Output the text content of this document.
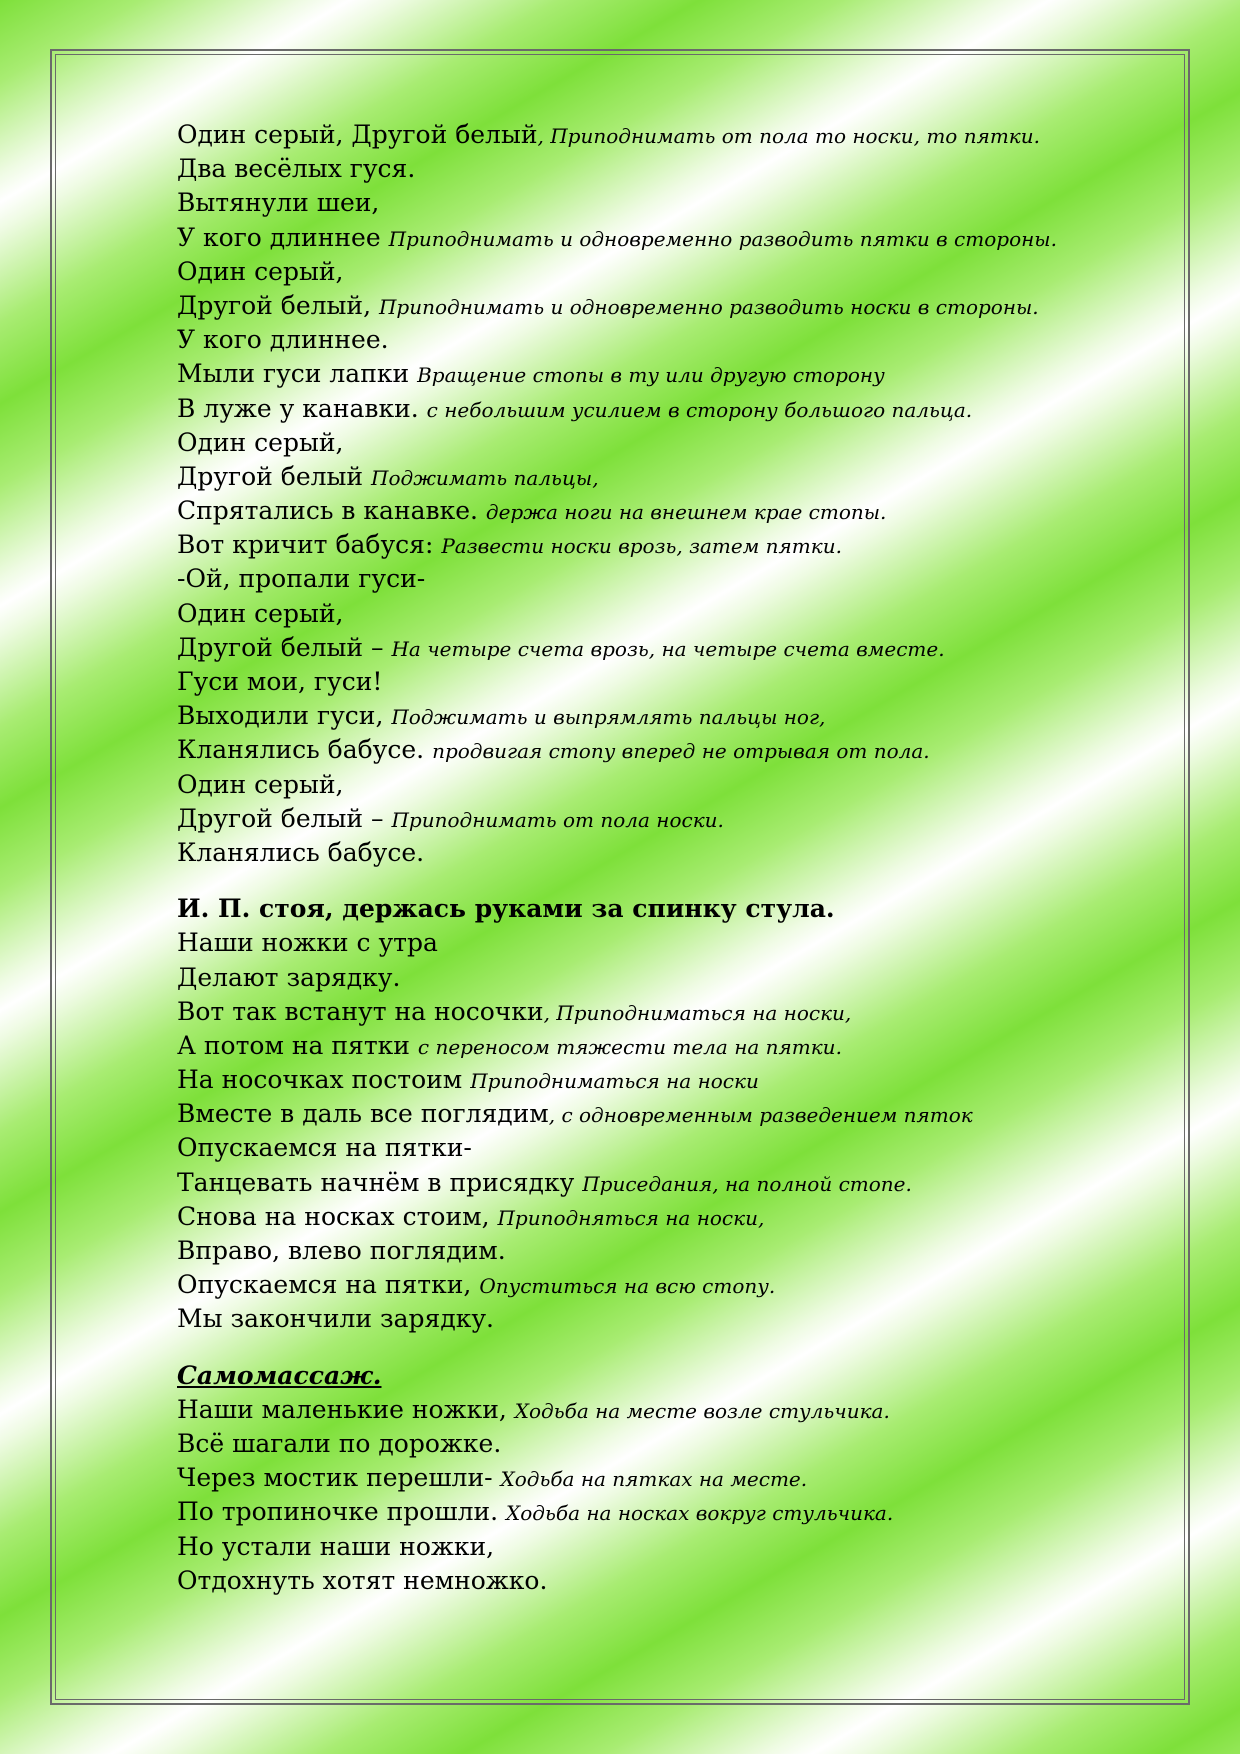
Один серый, Другой белый, Приподнимать от пола то носки, то пятки.
Два весёлых гуся.
Вытянули шеи,
У кого длиннее Приподнимать и одновременно разводить пятки в стороны.
Один серый,
Другой белый, Приподнимать и одновременно разводить носки в стороны.
У кого длиннее.
Мыли гуси лапки Вращение стопы в ту или другую сторону
В луже у канавки. с небольшим усилием в сторону большого пальца.
Один серый,
Другой белый Поджимать пальцы,
Спрятались в канавке. держа ноги на внешнем крае стопы.
Вот кричит бабуся: Развести носки врозь, затем пятки.
-Ой, пропали гуси-
Один серый,
Другой белый – На четыре счета врозь, на четыре счета вместе.
Гуси мои, гуси!
Выходили гуси, Поджимать и выпрямлять пальцы ног,
Кланялись бабусе. продвигая стопу вперед не отрывая от пола.
Один серый,
Другой белый – Приподнимать от пола носки.
Кланялись бабусе.
И. П. стоя, держась руками за спинку стула.
Наши ножки с утра
Делают зарядку.
Вот так встанут на носочки, Приподниматься на носки,
А потом на пятки с переносом тяжести тела на пятки.
На носочках постоим Приподниматься на носки
Вместе в даль все поглядим, с одновременным разведением пяток
Опускаемся на пятки-
Танцевать начнём в присядку Приседания, на полной стопе.
Снова на носках стоим, Приподняться на носки,
Вправо, влево поглядим.
Опускаемся на пятки, Опуститься на всю стопу.
Мы закончили зарядку.
Самомассаж.
Наши маленькие ножки, Ходьба на месте возле стульчика.
Всё шагали по дорожке.
Через мостик перешли- Ходьба на пятках на месте.
По тропиночке прошли. Ходьба на носках вокруг стульчика.
Но устали наши ножки,
Отдохнуть хотят немножко.
